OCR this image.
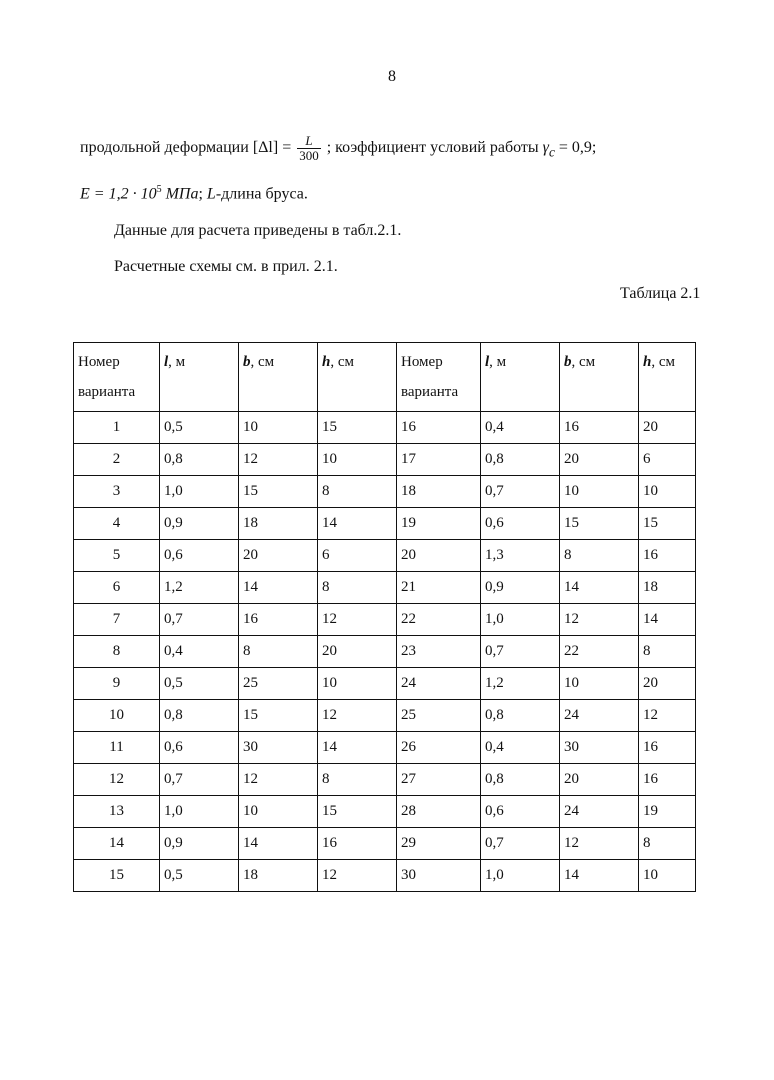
8
продольной деформации $[\Delta l] = \frac{L}{300}$ ; коэффициент условий работы $\gamma_c = 0,9$;
$E = 1,2 \cdot 10^5$ МПа; L-длина бруса.
Данные для расчета приведены в табл.2.1.
Расчетные схемы см. в прил. 2.1.
Таблица 2.1
Номер варианта	l, м	b, см	h, см	Номер варианта	l, м	b, см	h, см
1	0,5	10	15	16	0,4	16	20
2	0,8	12	10	17	0,8	20	6
3	1,0	15	8	18	0,7	10	10
4	0,9	18	14	19	0,6	15	15
5	0,6	20	6	20	1,3	8	16
6	1,2	14	8	21	0,9	14	18
7	0,7	16	12	22	1,0	12	14
8	0,4	8	20	23	0,7	22	8
9	0,5	25	10	24	1,2	10	20
10	0,8	15	12	25	0,8	24	12
11	0,6	30	14	26	0,4	30	16
12	0,7	12	8	27	0,8	20	16
13	1,0	10	15	28	0,6	24	19
14	0,9	14	16	29	0,7	12	8
15	0,5	18	12	30	1,0	14	10
